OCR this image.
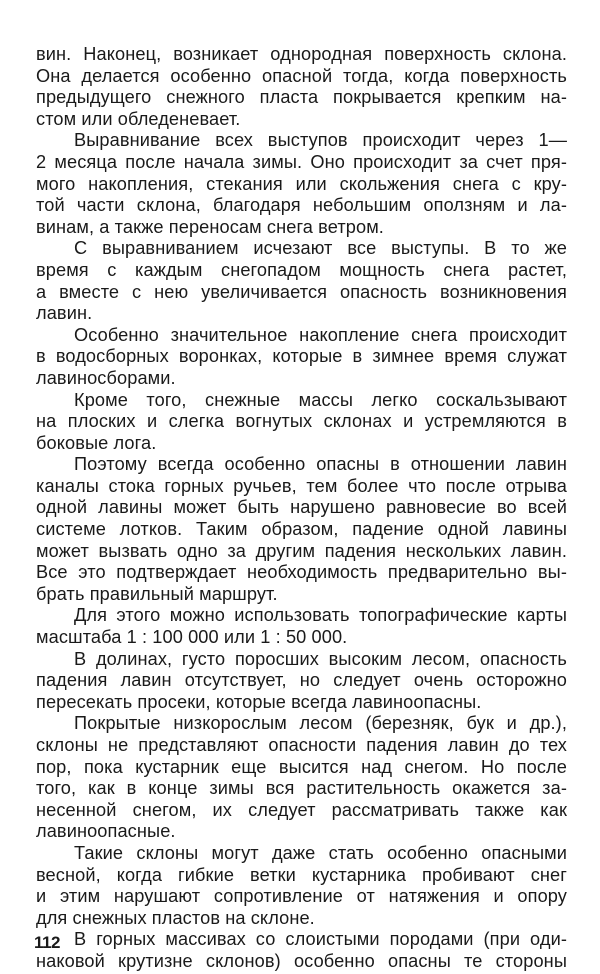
вин. Наконец, возникает однородная поверхность склона.
Она делается особенно опасной тогда, когда поверхность
предыдущего снежного пласта покрывается крепким на-
стом или обледеневает.
Выравнивание всех выступов происходит через 1—
2 месяца после начала зимы. Оно происходит за счет пря-
мого накопления, стекания или скольжения снега с кру-
той части склона, благодаря небольшим оползням и ла-
винам, а также переносам снега ветром.
С выравниванием исчезают все выступы. В то же
время с каждым снегопадом мощность снега растет,
а вместе с нею увеличивается опасность возникновения
лавин.
Особенно значительное накопление снега происходит
в водосборных воронках, которые в зимнее время служат
лавиносборами.
Кроме того, снежные массы легко соскальзывают
на плоских и слегка вогнутых склонах и устремляются в
боковые лога.
Поэтому всегда особенно опасны в отношении лавин
каналы стока горных ручьев, тем более что после отрыва
одной лавины может быть нарушено равновесие во всей
системе лотков. Таким образом, падение одной лавины
может вызвать одно за другим падения нескольких лавин.
Все это подтверждает необходимость предварительно вы-
брать правильный маршрут.
Для этого можно использовать топографические карты
масштаба 1 : 100 000 или 1 : 50 000.
В долинах, густо поросших высоким лесом, опасность
падения лавин отсутствует, но следует очень осторожно
пересекать просеки, которые всегда лавиноопасны.
Покрытые низкорослым лесом (березняк, бук и др.),
склоны не представляют опасности падения лавин до тех
пор, пока кустарник еще высится над снегом. Но после
того, как в конце зимы вся растительность окажется за-
несенной снегом, их следует рассматривать также как
лавиноопасные.
Такие склоны могут даже стать особенно опасными
весной, когда гибкие ветки кустарника пробивают снег
и этим нарушают сопротивление от натяжения и опору
для снежных пластов на склоне.
В горных массивах со слоистыми породами (при оди-
наковой крутизне склонов) особенно опасны те стороны
112
